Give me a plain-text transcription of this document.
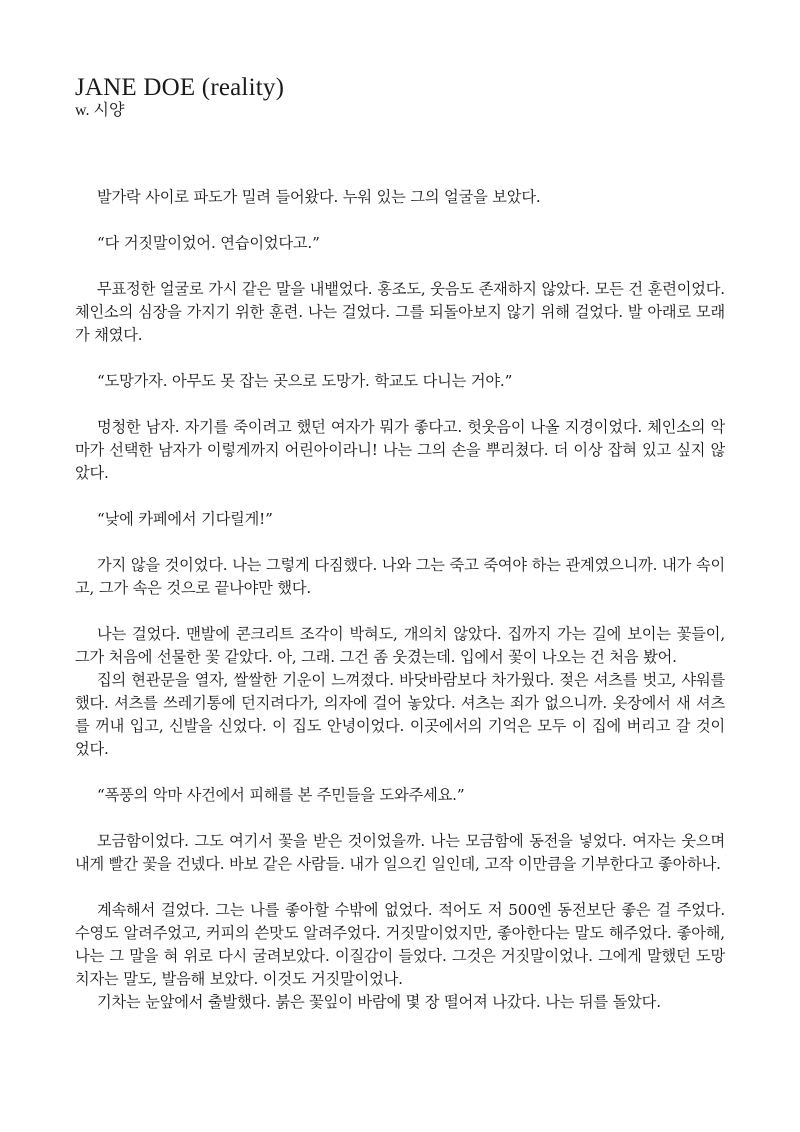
JANE DOE (reality)
w. 시양

발가락 사이로 파도가 밀려 들어왔다. 누워 있는 그의 얼굴을 보았다.

“다 거짓말이었어. 연습이었다고.”

무표정한 얼굴로 가시 같은 말을 내뱉었다. 홍조도, 웃음도 존재하지 않았다. 모든 건 훈련이었다. 체인소의 심장을 가지기 위한 훈련. 나는 걸었다. 그를 되돌아보지 않기 위해 걸었다. 발 아래로 모래가 채였다.

“도망가자. 아무도 못 잡는 곳으로 도망가. 학교도 다니는 거야.”

멍청한 남자. 자기를 죽이려고 했던 여자가 뭐가 좋다고. 헛웃음이 나올 지경이었다. 체인소의 악마가 선택한 남자가 이렇게까지 어린아이라니! 나는 그의 손을 뿌리쳤다. 더 이상 잡혀 있고 싶지 않았다.

“낮에 카페에서 기다릴게!”

가지 않을 것이었다. 나는 그렇게 다짐했다. 나와 그는 죽고 죽여야 하는 관계였으니까. 내가 속이고, 그가 속은 것으로 끝나야만 했다.

나는 걸었다. 맨발에 콘크리트 조각이 박혀도, 개의치 않았다. 집까지 가는 길에 보이는 꽃들이, 그가 처음에 선물한 꽃 같았다. 아, 그래. 그건 좀 웃겼는데. 입에서 꽃이 나오는 건 처음 봤어.

집의 현관문을 열자, 쌀쌀한 기운이 느껴졌다. 바닷바람보다 차가웠다. 젖은 셔츠를 벗고, 샤워를 했다. 셔츠를 쓰레기통에 던지려다가, 의자에 걸어 놓았다. 셔츠는 죄가 없으니까. 옷장에서 새 셔츠를 꺼내 입고, 신발을 신었다. 이 집도 안녕이었다. 이곳에서의 기억은 모두 이 집에 버리고 갈 것이었다.

“폭풍의 악마 사건에서 피해를 본 주민들을 도와주세요.”

모금함이었다. 그도 여기서 꽃을 받은 것이었을까. 나는 모금함에 동전을 넣었다. 여자는 웃으며 내게 빨간 꽃을 건넸다. 바보 같은 사람들. 내가 일으킨 일인데, 고작 이만큼을 기부한다고 좋아하나.

계속해서 걸었다. 그는 나를 좋아할 수밖에 없었다. 적어도 저 500엔 동전보단 좋은 걸 주었다. 수영도 알려주었고, 커피의 쓴맛도 알려주었다. 거짓말이었지만, 좋아한다는 말도 해주었다. 좋아해, 나는 그 말을 혀 위로 다시 굴려보았다. 이질감이 들었다. 그것은 거짓말이었나. 그에게 말했던 도망치자는 말도, 발음해 보았다. 이것도 거짓말이었나.

기차는 눈앞에서 출발했다. 붉은 꽃잎이 바람에 몇 장 떨어져 나갔다. 나는 뒤를 돌았다.
